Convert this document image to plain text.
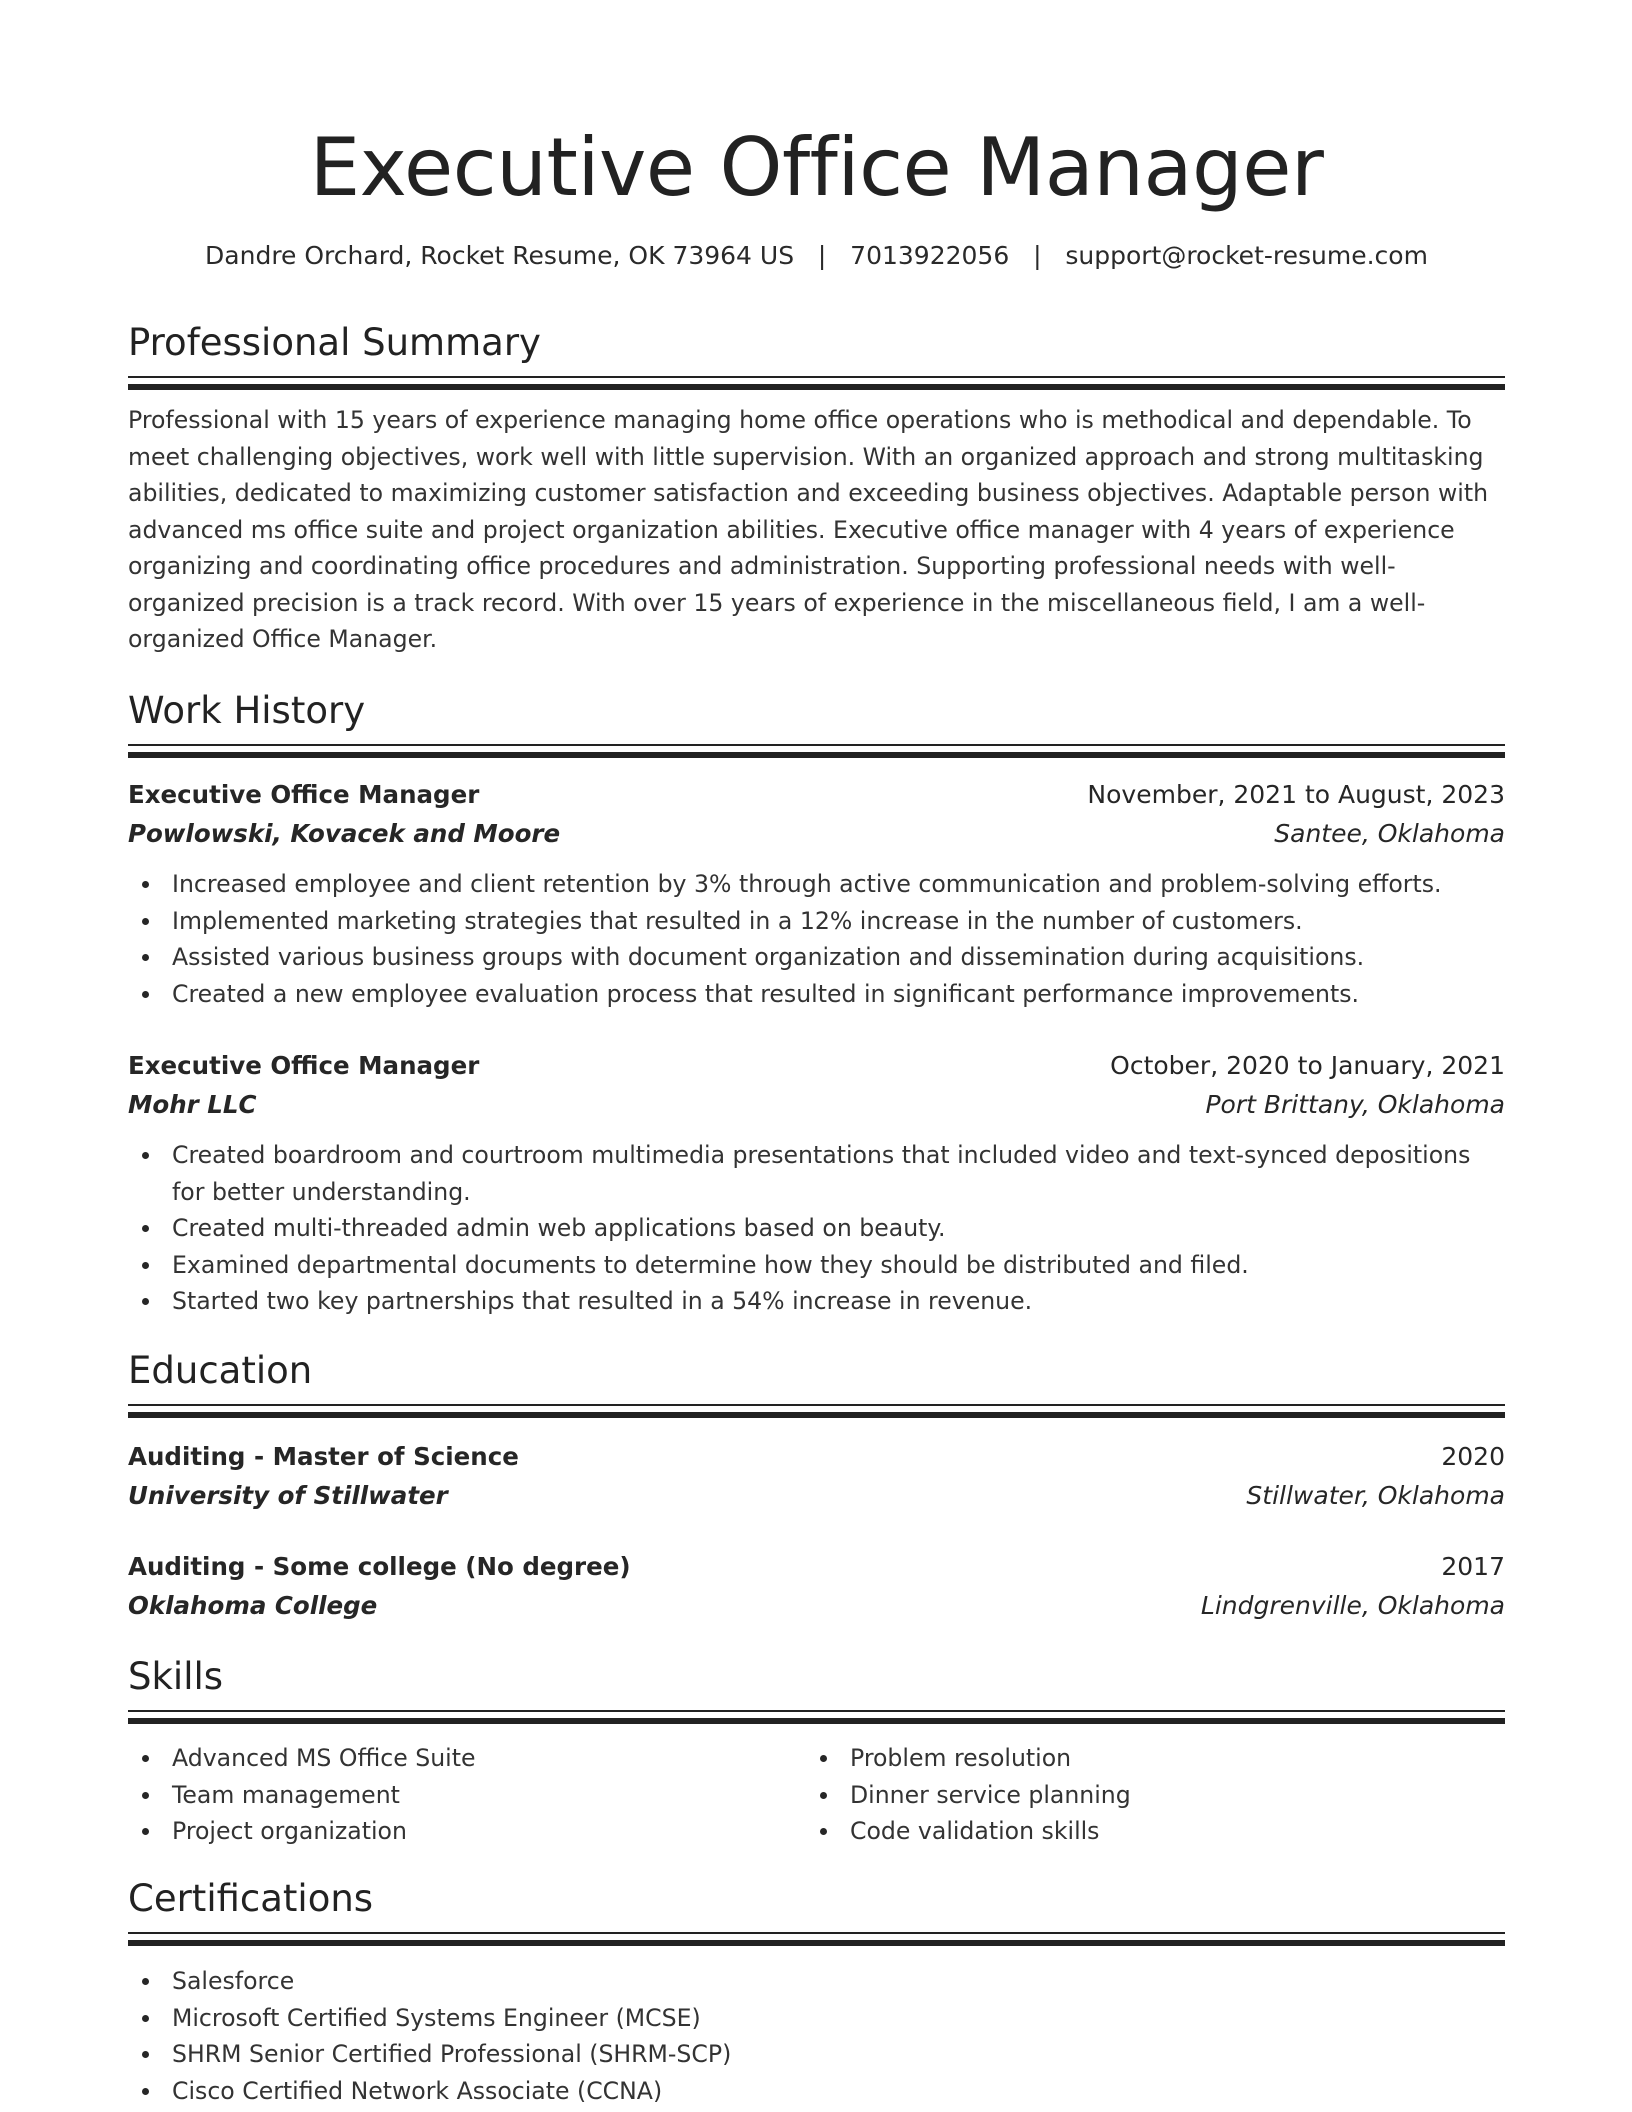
Executive Office Manager
Dandre Orchard, Rocket Resume, OK 73964 US   |   7013922056   |   support@rocket-resume.com
Professional Summary
Professional with 15 years of experience managing home office operations who is methodical and dependable. To meet challenging objectives, work well with little supervision. With an organized approach and strong multitasking abilities, dedicated to maximizing customer satisfaction and exceeding business objectives. Adaptable person with advanced ms office suite and project organization abilities. Executive office manager with 4 years of experience organizing and coordinating office procedures and administration. Supporting professional needs with well-organized precision is a track record. With over 15 years of experience in the miscellaneous field, I am a well-organized Office Manager.
Work History
Executive Office Manager	November, 2021 to August, 2023
Powlowski, Kovacek and Moore	Santee, Oklahoma
Increased employee and client retention by 3% through active communication and problem-solving efforts.
Implemented marketing strategies that resulted in a 12% increase in the number of customers.
Assisted various business groups with document organization and dissemination during acquisitions.
Created a new employee evaluation process that resulted in significant performance improvements.
Executive Office Manager	October, 2020 to January, 2021
Mohr LLC	Port Brittany, Oklahoma
Created boardroom and courtroom multimedia presentations that included video and text-synced depositions for better understanding.
Created multi-threaded admin web applications based on beauty.
Examined departmental documents to determine how they should be distributed and filed.
Started two key partnerships that resulted in a 54% increase in revenue.
Education
Auditing - Master of Science	2020
University of Stillwater	Stillwater, Oklahoma
Auditing - Some college (No degree)	2017
Oklahoma College	Lindgrenville, Oklahoma
Skills
Advanced MS Office Suite
Team management
Project organization
Problem resolution
Dinner service planning
Code validation skills
Certifications
Salesforce
Microsoft Certified Systems Engineer (MCSE)
SHRM Senior Certified Professional (SHRM-SCP)
Cisco Certified Network Associate (CCNA)
